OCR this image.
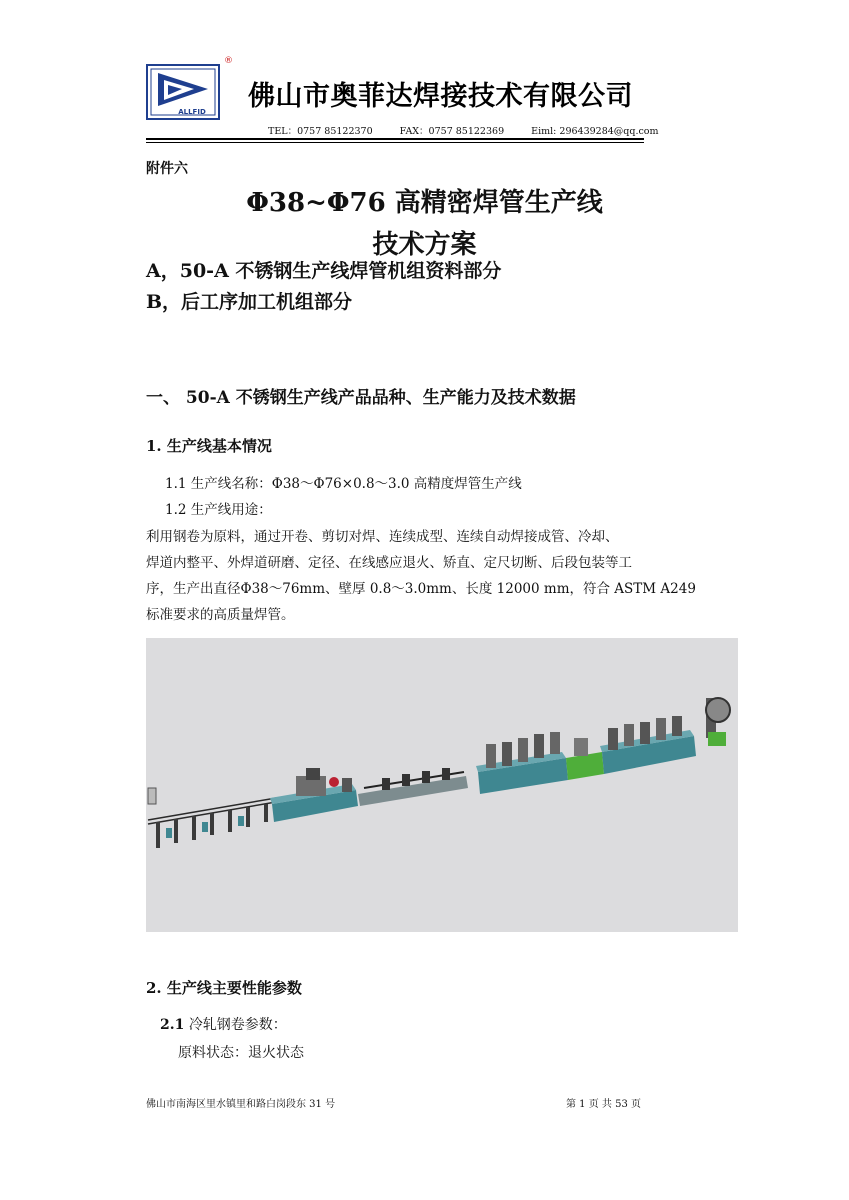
ALLFID
®
佛山市奥菲达焊接技术有限公司
TEL：0757 85122370	FAX：0757 85122369	Eiml: 296439284@qq.com
附件六
Φ38~Φ76 高精密焊管生产线
技术方案
A，50-A 不锈钢生产线焊管机组资料部分
B，后工序加工机组部分
一、 50-A 不锈钢生产线产品品种、生产能力及技术数据
1. 生产线基本情况
1.1 生产线名称：Φ38～Φ76×0.8～3.0 高精度焊管生产线
1.2 生产线用途：
利用钢卷为原料，通过开卷、剪切对焊、连续成型、连续自动焊接成管、冷却、
焊道内整平、外焊道研磨、定径、在线感应退火、矫直、定尺切断、后段包装等工
序，生产出直径Φ38～76mm、壁厚 0.8～3.0mm、长度 12000 mm，符合 ASTM A249
标准要求的高质量焊管。
2. 生产线主要性能参数
2.1 冷轧钢卷参数：
原料状态：退火状态
佛山市南海区里水镇里和路白岗段东 31 号	第 1 页 共 53 页
